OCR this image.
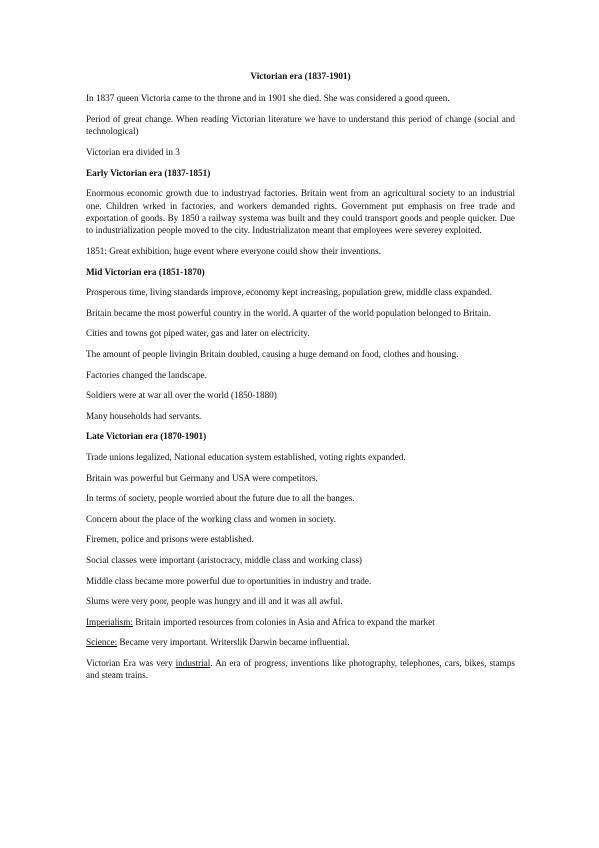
Victorian era (1837-1901)
In 1837 queen Victoria came to the throne and in 1901 she died. She was considered a good queen.
Period of great change. When reading Victorian literature we have to understand this period of change (social and technological)
Victorian era divided in 3
Early Victorian era (1837-1851)
Enormous economic growth due to industryad factories. Britain went from an agricultural society to an industrial one. Children wrked in factories, and workers demanded rights. Government put emphasis on free trade and exportation of goods. By 1850 a railway systema was built and they could transport goods and people quicker. Due to industrialization people moved to the city. Industrializaton meant that employees were severey exploited.
1851: Great exhibition, huge event where everyone could show their inventions.
Mid Victorian era (1851-1870)
Prosperous time, living standards improve, economy kept increasing, population grew, middle class expanded.
Britain became the most powerful country in the world. A quarter of the world population belonged to Britain.
Cities and towns got piped water, gas and later on electricity.
The amount of people livingin Britain doubled, causing a huge demand on food, clothes and housing.
Factories changed the landscape.
Soldiers were at war all over the world (1850-1880)
Many households had servants.
Late Victorian era (1870-1901)
Trade unions legalized, National education system established, voting rights expanded.
Britain was powerful but Germany and USA were competitors.
In terms of society, people worried about the future due to all the hanges.
Concern about the place of the working class and women in society.
Firemen, police and prisons were established.
Social classes were important (aristocracy, middle class and working class)
Middle class became more powerful due to oportunities in industry and trade.
Slums were very poor, people was hungry and ill and it was all awful.
Imperialism: Britain imported resources from colonies in Asia and Africa to expand the market
Science: Became very important. Writerslik Darwin became influential.
Victorian Era was very industrial. An era of progress, inventions like photography, telephones, cars, bikes, stamps and steam trains.
